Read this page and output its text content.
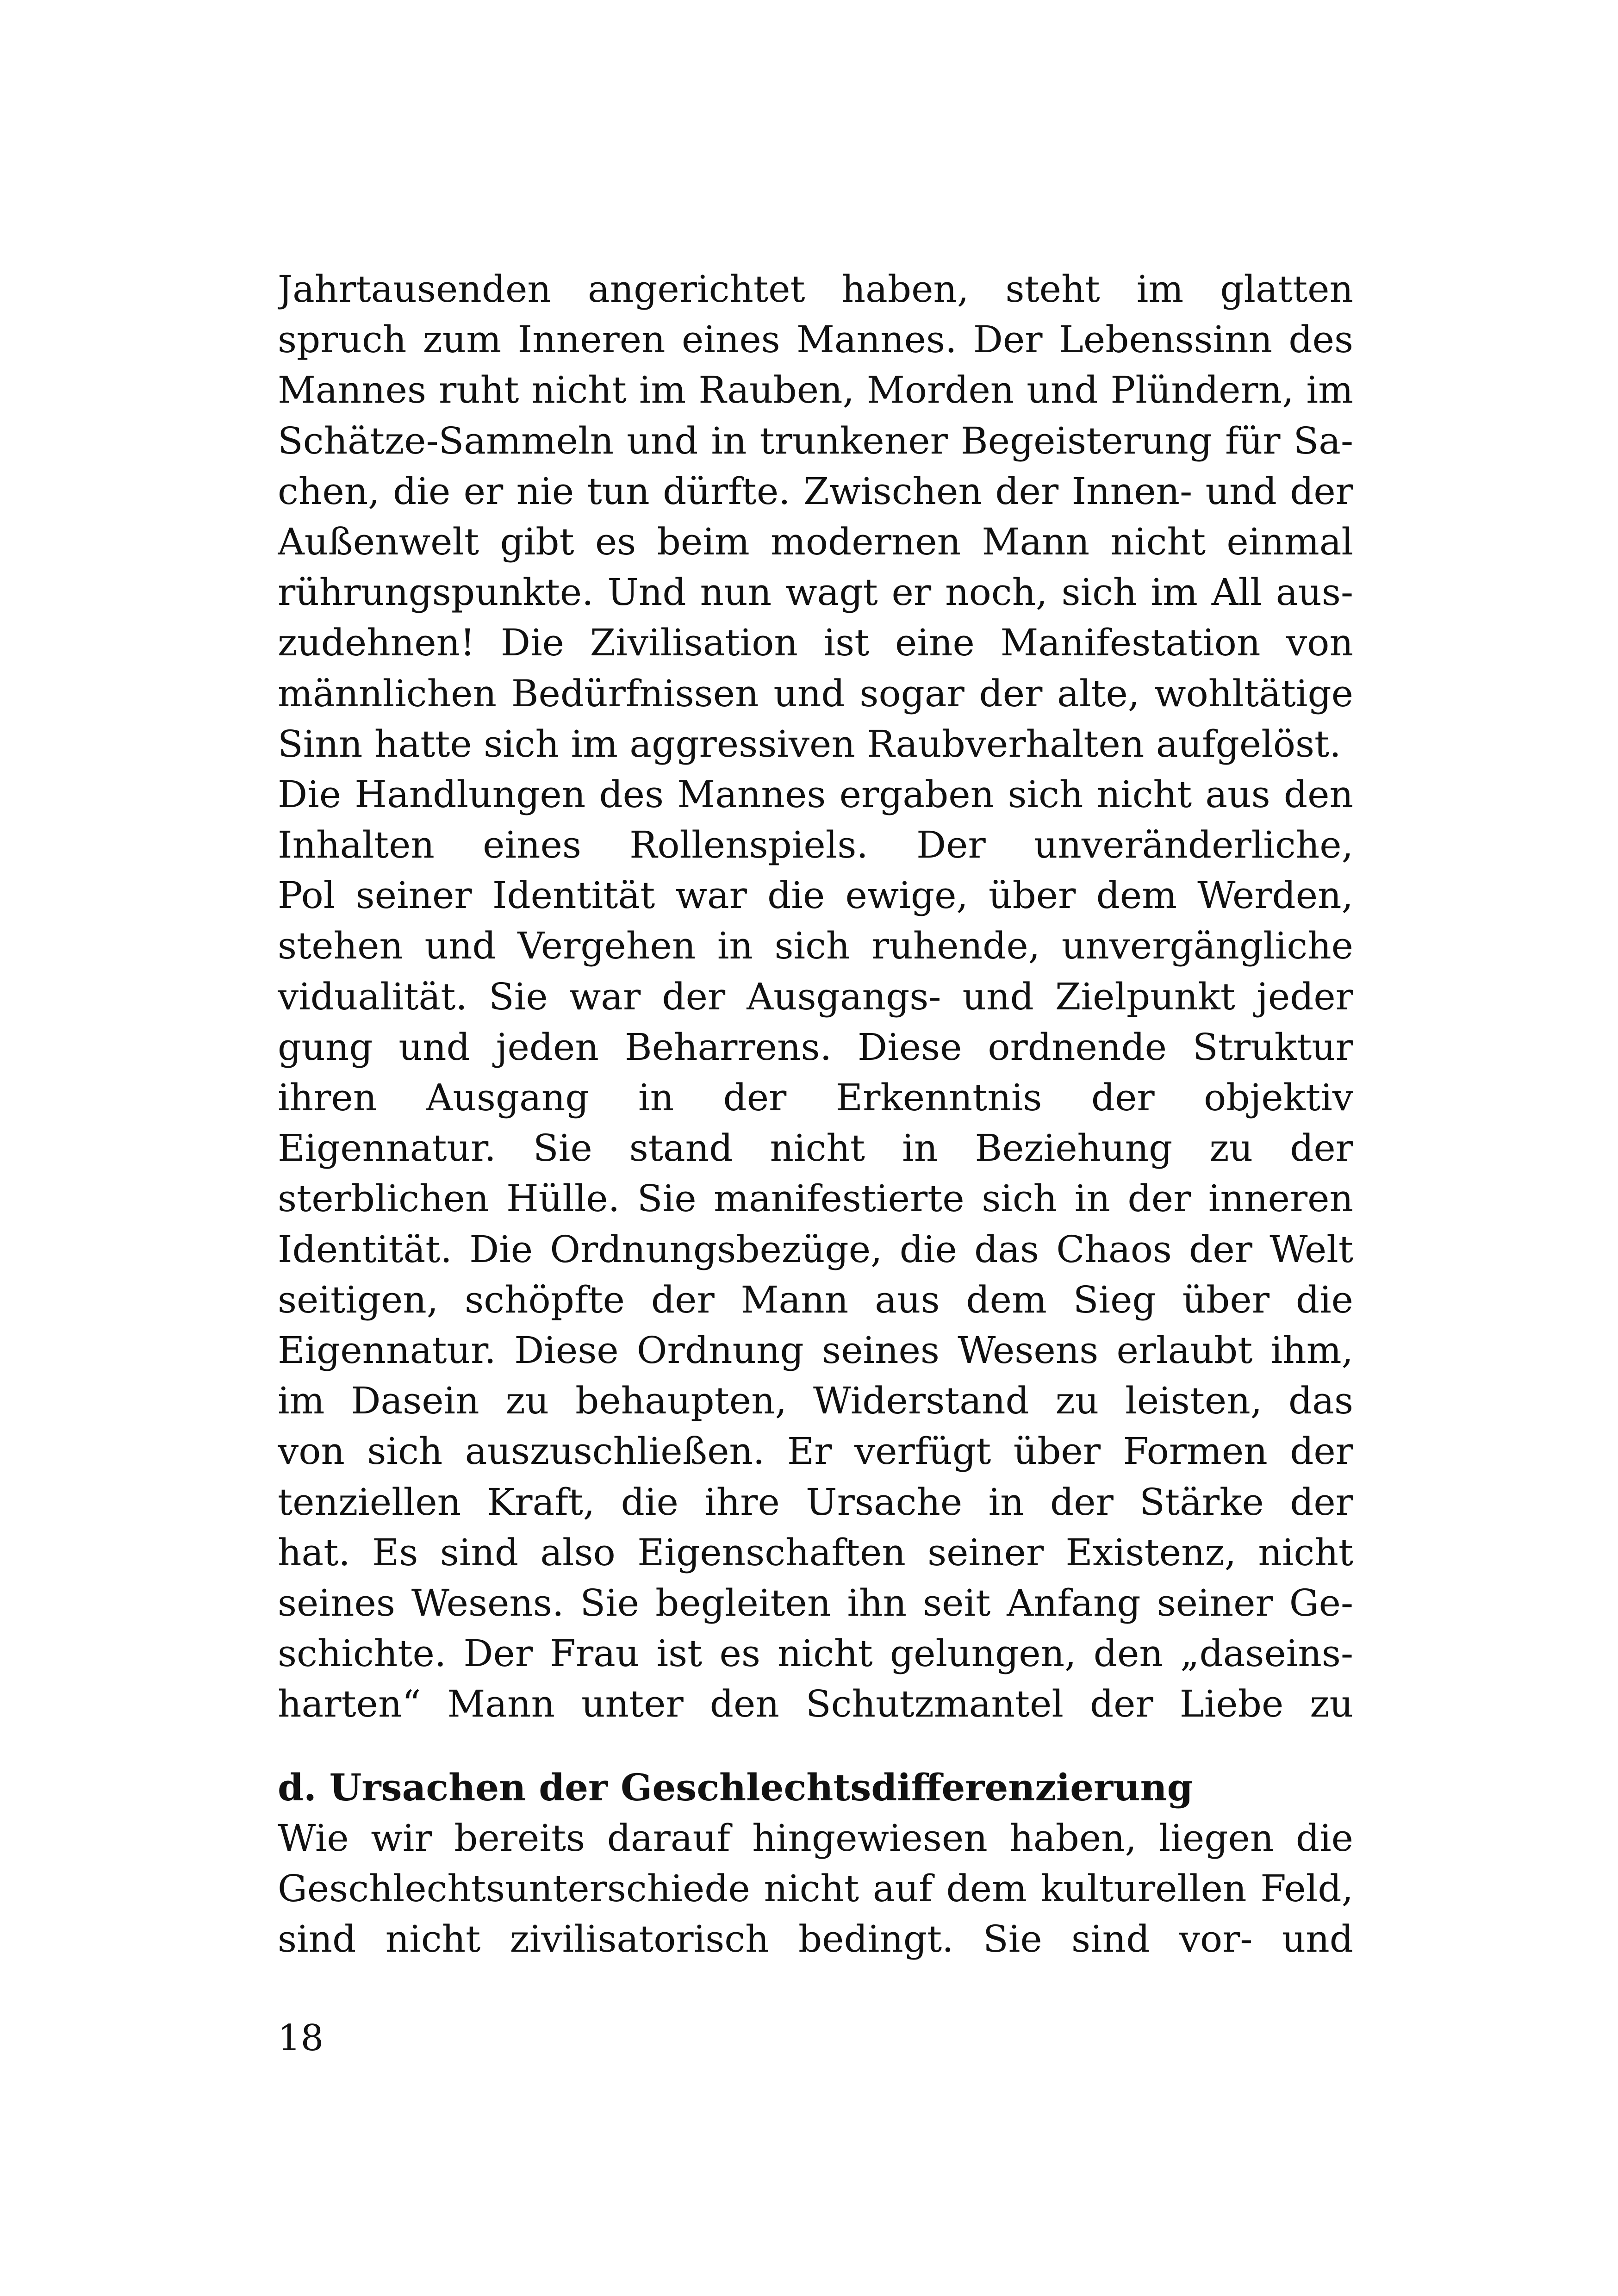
Jahrtausenden angerichtet haben, steht im glatten
spruch zum Inneren eines Mannes. Der Lebenssinn des
Mannes ruht nicht im Rauben, Morden und Plündern, im
Schätze-Sammeln und in trunkener Begeisterung für Sa-
chen, die er nie tun dürfte. Zwischen der Innen- und der
Außenwelt gibt es beim modernen Mann nicht einmal
rührungspunkte. Und nun wagt er noch, sich im All aus-
zudehnen! Die Zivilisation ist eine Manifestation von
männlichen Bedürfnissen und sogar der alte, wohltätige
Sinn hatte sich im aggressiven Raubverhalten aufgelöst.
Die Handlungen des Mannes ergaben sich nicht aus den
Inhalten eines Rollenspiels. Der unveränderliche,
Pol seiner Identität war die ewige, über dem Werden,
stehen und Vergehen in sich ruhende, unvergängliche
vidualität. Sie war der Ausgangs- und Zielpunkt jeder
gung und jeden Beharrens. Diese ordnende Struktur
ihren Ausgang in der Erkenntnis der objektiv
Eigennatur. Sie stand nicht in Beziehung zu der
sterblichen Hülle. Sie manifestierte sich in der inneren
Identität. Die Ordnungsbezüge, die das Chaos der Welt
seitigen, schöpfte der Mann aus dem Sieg über die
Eigennatur. Diese Ordnung seines Wesens erlaubt ihm,
im Dasein zu behaupten, Widerstand zu leisten, das
von sich auszuschließen. Er verfügt über Formen der
tenziellen Kraft, die ihre Ursache in der Stärke der
hat. Es sind also Eigenschaften seiner Existenz, nicht
seines Wesens. Sie begleiten ihn seit Anfang seiner Ge-
schichte. Der Frau ist es nicht gelungen, den „daseins-
harten“ Mann unter den Schutzmantel der Liebe zu
d. Ursachen der Geschlechtsdifferenzierung
Wie wir bereits darauf hingewiesen haben, liegen die
Geschlechtsunterschiede nicht auf dem kulturellen Feld,
sind nicht zivilisatorisch bedingt. Sie sind vor- und
18
